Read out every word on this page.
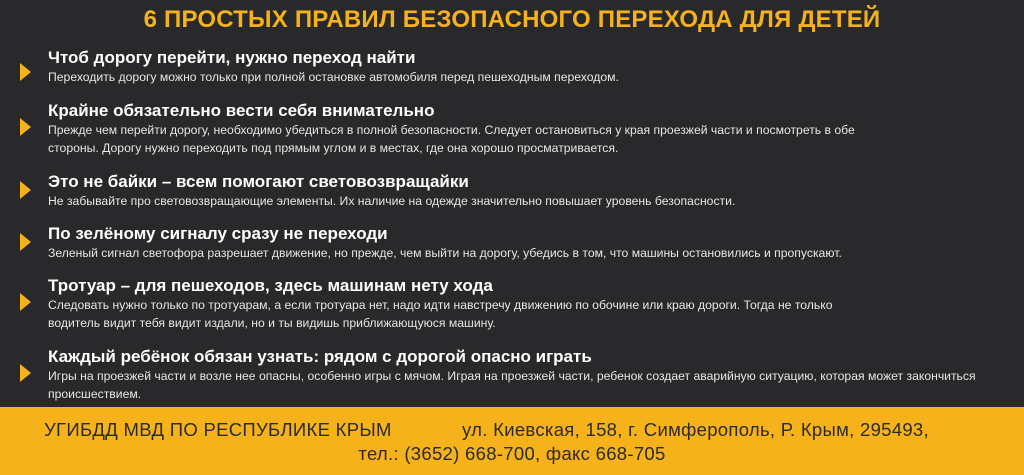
6 ПРОСТЫХ ПРАВИЛ БЕЗОПАСНОГО ПЕРЕХОДА ДЛЯ ДЕТЕЙ
Чтоб дорогу перейти, нужно переход найти
Переходить дорогу можно только при полной остановке автомобиля перед пешеходным переходом.
Крайне обязательно вести себя внимательно
Прежде чем перейти дорогу, необходимо убедиться в полной безопасности. Следует остановиться у края проезжей части и посмотреть в обе стороны. Дорогу нужно переходить под прямым углом и в местах, где она хорошо просматривается.
Это не байки – всем помогают световозвращайки
Не забывайте про световозвращающие элементы. Их наличие на одежде значительно повышает уровень безопасности.
По зелёному сигналу сразу не переходи
Зеленый сигнал светофора разрешает движение, но прежде, чем выйти на дорогу, убедись в том, что машины остановились и пропускают.
Тротуар – для пешеходов, здесь машинам нету хода
Следовать нужно только по тротуарам, а если тротуара нет, надо идти навстречу движению по обочине или краю дороги. Тогда не только водитель видит тебя видит издали, но и ты видишь приближающуюся машину.
Каждый ребёнок обязан узнать: рядом с дорогой опасно играть
Игры на проезжей части и возле нее опасны, особенно игры с мячом. Играя на проезжей части, ребенок создает аварийную ситуацию, которая может закончиться происшествием.
УГИБДД МВД ПО РЕСПУБЛИКЕ КРЫМ	ул. Киевская, 158, г. Симферополь, Р. Крым, 295493,
тел.: (3652) 668-700, факс 668-705
